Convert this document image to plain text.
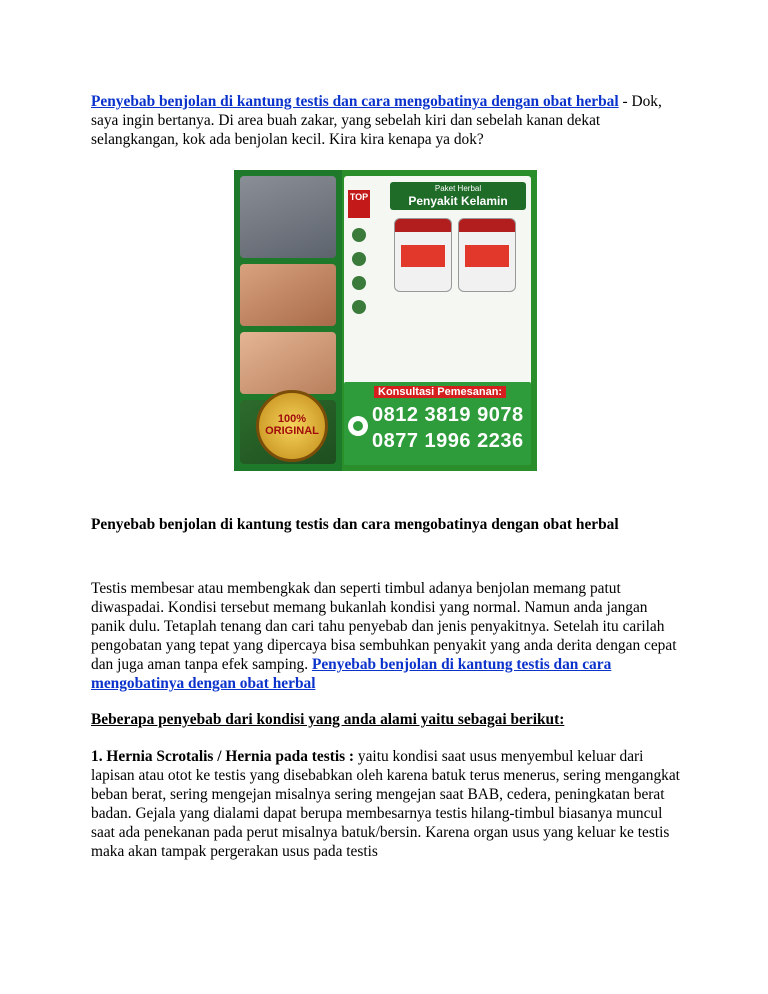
Penyebab benjolan di kantung testis dan cara mengobatinya dengan obat herbal - Dok, saya ingin bertanya. Di area buah zakar, yang sebelah kiri dan sebelah kanan dekat selangkangan, kok ada benjolan kecil. Kira kira kenapa ya dok?

100%
ORIGINAL
TOP
Paket Herbal
Penyakit Kelamin
Konsultasi Pemesanan:
0812 3819 9078
0877 1996 2236

Penyebab benjolan di kantung testis dan cara mengobatinya dengan obat herbal

Testis membesar atau membengkak dan seperti timbul adanya benjolan memang patut diwaspadai. Kondisi tersebut memang bukanlah kondisi yang normal. Namun anda jangan panik dulu. Tetaplah tenang dan cari tahu penyebab dan jenis penyakitnya. Setelah itu carilah pengobatan yang tepat yang dipercaya bisa sembuhkan penyakit yang anda derita dengan cepat dan juga aman tanpa efek samping. Penyebab benjolan di kantung testis dan cara mengobatinya dengan obat herbal

Beberapa penyebab dari kondisi yang anda alami yaitu sebagai berikut:

1. Hernia Scrotalis / Hernia pada testis : yaitu kondisi saat usus menyembul keluar dari lapisan atau otot ke testis yang disebabkan oleh karena batuk terus menerus, sering mengangkat beban berat, sering mengejan misalnya sering mengejan saat BAB, cedera, peningkatan berat badan. Gejala yang dialami dapat berupa membesarnya testis hilang-timbul biasanya muncul saat ada penekanan pada perut misalnya batuk/bersin. Karena organ usus yang keluar ke testis maka akan tampak pergerakan usus pada testis
